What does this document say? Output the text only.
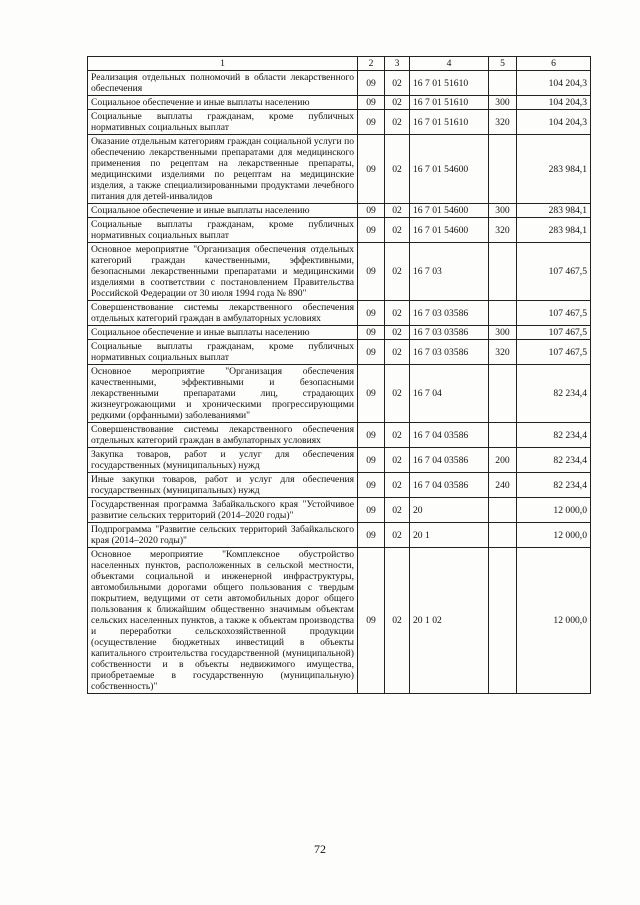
1	2	3	4	5	6
Реализация отдельных полномочий в области лекарственного обеспечения	09	02	16 7 01 51610		104 204,3
Социальное обеспечение и иные выплаты населению	09	02	16 7 01 51610	300	104 204,3
Социальные выплаты гражданам, кроме публичных нормативных социальных выплат	09	02	16 7 01 51610	320	104 204,3
Оказание отдельным категориям граждан социальной услуги по обеспечению лекарственными препаратами для медицинского применения по рецептам на лекарственные препараты, медицинскими изделиями по рецептам на медицинские изделия, а также специализированными продуктами лечебного питания для детей-инвалидов	09	02	16 7 01 54600		283 984,1
Социальное обеспечение и иные выплаты населению	09	02	16 7 01 54600	300	283 984,1
Социальные выплаты гражданам, кроме публичных нормативных социальных выплат	09	02	16 7 01 54600	320	283 984,1
Основное мероприятие "Организация обеспечения отдельных категорий граждан качественными, эффективными, безопасными лекарственными препаратами и медицинскими изделиями в соответствии с постановлением Правительства Российской Федерации от 30 июля 1994 года № 890"	09	02	16 7 03		107 467,5
Совершенствование системы лекарственного обеспечения отдельных категорий граждан в амбулаторных условиях	09	02	16 7 03 03586		107 467,5
Социальное обеспечение и иные выплаты населению	09	02	16 7 03 03586	300	107 467,5
Социальные выплаты гражданам, кроме публичных нормативных социальных выплат	09	02	16 7 03 03586	320	107 467,5
Основное мероприятие "Организация обеспечения качественными, эффективными и безопасными лекарственными препаратами лиц, страдающих жизнеугрожающими и хроническими прогрессирующими редкими (орфанными) заболеваниями"	09	02	16 7 04		82 234,4
Совершенствование системы лекарственного обеспечения отдельных категорий граждан в амбулаторных условиях	09	02	16 7 04 03586		82 234,4
Закупка товаров, работ и услуг для обеспечения государственных (муниципальных) нужд	09	02	16 7 04 03586	200	82 234,4
Иные закупки товаров, работ и услуг для обеспечения государственных (муниципальных) нужд	09	02	16 7 04 03586	240	82 234,4
Государственная программа Забайкальского края "Устойчивое развитие сельских территорий (2014–2020 годы)"	09	02	20		12 000,0
Подпрограмма "Развитие сельских территорий Забайкальского края (2014–2020 годы)"	09	02	20 1		12 000,0
Основное мероприятие "Комплексное обустройство населенных пунктов, расположенных в сельской местности, объектами социальной и инженерной инфраструктуры, автомобильными дорогами общего пользования с твердым покрытием, ведущими от сети автомобильных дорог общего пользования к ближайшим общественно значимым объектам сельских населенных пунктов, а также к объектам производства и переработки сельскохозяйственной продукции (осуществление бюджетных инвестиций в объекты капитального строительства государственной (муниципальной) собственности и в объекты недвижимого имущества, приобретаемые в государственную (муниципальную) собственность)"	09	02	20 1 02		12 000,0
72
